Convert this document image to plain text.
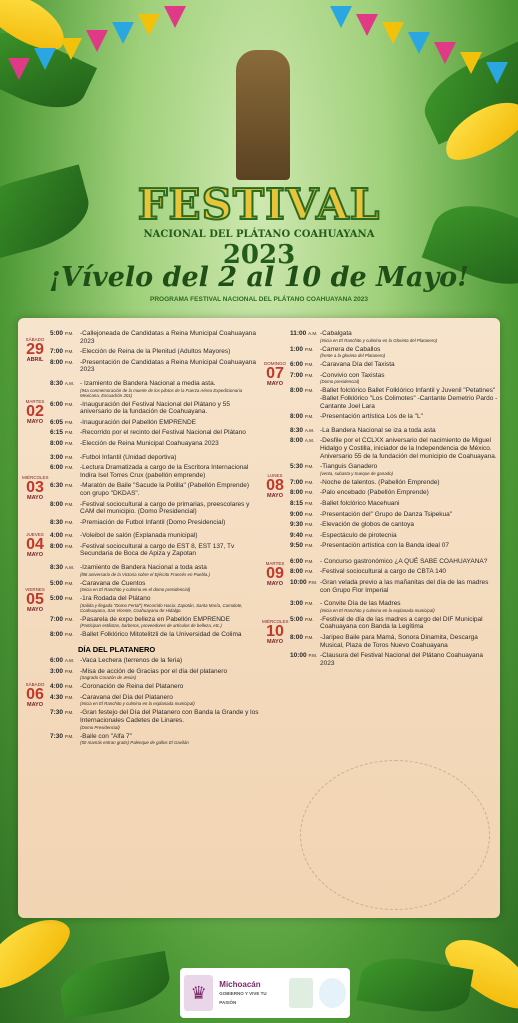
FESTIVAL
NACIONAL DEL PLÁTANO COAHUAYANA
2023
¡Vívelo del 2 al 10 de Mayo!
PROGRAMA FESTIVAL NACIONAL DEL PLÁTANO COAHUAYANA 2023
SÁBADO
29
ABRIL
5:00 P.M.	-Callejoneada de Candidatas a Reina Municipal Coahuayana 2023
7:00 P.M.	-Elección de Reina de la Plenitud (Adultos Mayores)
8:00 P.M.	-Presentación de Candidatas a Reina Municipal Coahuayana 2023
MARTES
02
MAYO
8:30 A.M. - Izamiento de Bandera Nacional a media asta.
(94a conmemoración de la muerte de los pilotos de la Fuerza Aérea Expedicionaria Mexicana, Escuadrón 201)
6:00 P.M.	-Inauguración del Festival Nacional del Plátano y 55 aniversario de la fundación de Coahuayana.
6:05 P.M.	-Inauguración del Pabellón EMPRENDE
6:15 P.M.	-Recorrido por el recinto del Festival Nacional del Plátano
8:00 P.M.	-Elección de Reina Municipal Coahuayana 2023
MIÉRCOLES
03
MAYO
3:00 P.M.	-Futbol Infantil (Unidad deportiva)
6:00 P.M.	-Lectura Dramatizada a cargo de la Escritora Internacional Indira Isel Torres Crux (pabellón emprende)
6:30 P.M.	-Maratón de Baile "Sacude la Polilla" (Pabellón Emprende) con grupo "DKDAS".
8:00 P.M.	-Festival sociocultural a cargo de primarias, preescolares y CAM del municipio. (Domo Presidencial)
8:30 P.M.	-Premiación de Futbol Infantil (Domo Presidencial)
JUEVES
04
MAYO
4:00 P.M.	-Voleibol de salón (Explanada municipal)
8:00 P.M.	-Festival sociocultural a cargo de EST 8, EST 137, Tv Secundaria de Boca de Apiza y Zapotan
VIERNES
05
MAYO
8:30 A.M. -Izamiento de Bandera Nacional a toda asta
(l86 aniversario de la Victoria sobre el Ejército Francés en Puebla.)
5:00 P.M.	-Caravana de Cuentos
(Inicia en El Ranchito y culmina en el domo presidencial)
5:00 P.M.	-1ra Rodada del Plátano
(Salida y llegada "Domo Fertal") Recorrido Hacia: Zapotán, Santa María, Camalote, Coahuayana, San Vicente, Coahuayana de Hidalgo.
7:00 P.M.	-Pasarela de expo belleza en Pabellón EMPRENDE
(Participan estilistas, barberos, proveedores de artículos de belleza, etc.)
8:00 P.M.	-Ballet Folklórico Mitotelitzli de la Universidad de Colima
DÍA DEL PLATANERO
SÁBADO
06
MAYO
6:00 A.M. -Vaca Lechera (terrenos de la feria)
3:00 P.M.	-Misa de acción de Gracias por el día del platanero
(Sagrado Corazón de Jesús)
4:00 P.M.	-Coronación de Reina del Platanero
4:30 P.M.	-Caravana del Día del Platanero
(Inicia en El Ranchito y culmina en la explanada municipal)
7:30 P.M.	-Gran festejo del Día del Platanero con Banda la Grande y los Internacionales Cadetes de Linares.
(Domo Presidencial)
7:30 P.M.	-Baile con "Alfa 7"
(50 mamás entran gratis) Palenque de gallos El Gavilán
DOMINGO
07
MAYO
11:00 A.M. -Cabalgata
(Inicia en El Ranchito y culmina en la Glorieta del Platanero)
1:00 P.M.	-Carrera de Caballos
(frente a la glorieta del Platanero)
6:00 P.M.	-Caravana Día del Taxista
7:00 P.M.	-Convivio con Taxistas
(Domo presidencial)
8:00 P.M.	-Ballet folclórico Ballet Folklórico Infantil y Juvenil "Petatines" -Ballet Folklórico "Los Colimotes" -Cantante Demetrio Pardo -Cantante Joel Lara
8:00 P.M.	-Presentación artística Los de la "L"
LUNES
08
MAYO
8:30 A.M. -La Bandera Nacional se iza a toda asta
8:00 A.M. -Desfile por el CCLXX aniversario del nacimiento de Miguel Hidalgo y Costilla, iniciador de la Independencia de México. Aniversario 55 de la fundación del municipio de Coahuayana.
5:30 P.M.	-Tianguis Ganadero
(venta, subasta y trueque de ganado)
7:00 P.M.	-Noche de talentos. (Pabellón Emprende)
8:00 P.M.	-Palo encebado (Pabellón Emprende)
8:15 P.M.	-Ballet folclórico Macehuani
9:00 P.M.	-Presentación del" Grupo de Danza Tsipekua"
9:30 P.M.	-Elevación de globos de cantoya
9:40 P.M.	-Espectáculo de pirotecnia
9:50 P.M.	-Presentación artística con la Banda ideal 07
MARTES
09
MAYO
6:00 P.M.	- Concurso gastronómico ¿A QUÉ SABE COAHUAYANA?
8:00 P.M.	-Festival sociocultural a cargo de CBTA 140
10:00 P.M. -Gran velada previo a las mañanitas del día de las madres con Grupo Flor Imperial
MIÉRCOLES
10
MAYO
3:00 P.M.	- Convite Día de las Madres
(Inicia en El Ranchito y culmina en la explanada municipal)
5:00 P.M.	-Festival de día de las madres a cargo del DIF Municipal Coahuayana con Banda la Legítima
8:00 P.M.	-Jaripeo Baile para Mamá, Sonora Dinamita, Descarga Musical, Plaza de Toros Nuevo Coahuayana
10:00 P.M. -Clausura del Festival Nacional del Plátano Coahuayana 2023
♛	Michoacán
GOBIERNO Y VIVE TU PASIÓN
